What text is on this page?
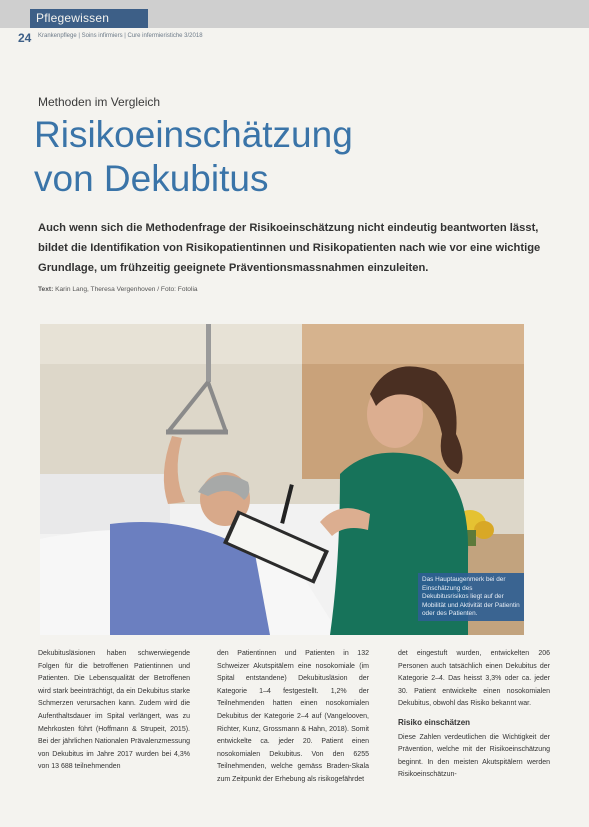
Pflegewissen
24 Krankenpflege | Soins infirmiers | Cure infermieristiche 3/2018
Methoden im Vergleich
Risikoeinschätzung
von Dekubitus
Auch wenn sich die Methodenfrage der Risikoeinschätzung nicht eindeutig beantworten lässt, bildet die Identifikation von Risikopatientinnen und Risikopatienten nach wie vor eine wichtige Grundlage, um frühzeitig geeignete Präventionsmassnahmen einzuleiten.
Text: Karin Lang, Theresa Vergenhoven / Foto: Fotolia
Das Hauptaugenmerk bei der Einschätzung des Dekubitusrisikos liegt auf der Mobilität und Aktivität der Patientin oder des Patienten.

Dekubitusläsionen haben schwerwiegende Folgen für die betroffenen Patientinnen und Patienten. Die Lebensqualität der Betroffenen wird stark beeinträchtigt, da ein Dekubitus starke Schmerzen verursachen kann. Zudem wird die Aufenthaltsdauer im Spital verlängert, was zu Mehrkosten führt (Hoffmann & Strupeit, 2015). Bei der jährlichen Nationalen Prävalenzmessung von Dekubitus im Jahre 2017 wurden bei 4,3% von 13 688 teilnehmenden

den Patientinnen und Patienten in 132 Schweizer Akutspitälern eine nosokomiale (im Spital entstandene) Dekubitusläsion der Kategorie 1–4 festgestellt. 1,2% der Teilnehmenden hatten einen nosokomialen Dekubitus der Kategorie 2–4 auf (Vangelooven, Richter, Kunz, Grossmann & Hahn, 2018). Somit entwickelte ca. jeder 20. Patient einen nosokomialen Dekubitus. Von den 6255 Teilnehmenden, welche gemäss Braden-Skala zum Zeitpunkt der Erhebung als risikogefährdet

det eingestuft wurden, entwickelten 206 Personen auch tatsächlich einen Dekubitus der Kategorie 2–4. Das heisst 3,3% oder ca. jeder 30. Patient entwickelte einen nosokomialen Dekubitus, obwohl das Risiko bekannt war.

Risiko einschätzen

Diese Zahlen verdeutlichen die Wichtigkeit der Prävention, welche mit der Risikoeinschätzung beginnt. In den meisten Akutspitälern werden Risikoeinschätzun-
